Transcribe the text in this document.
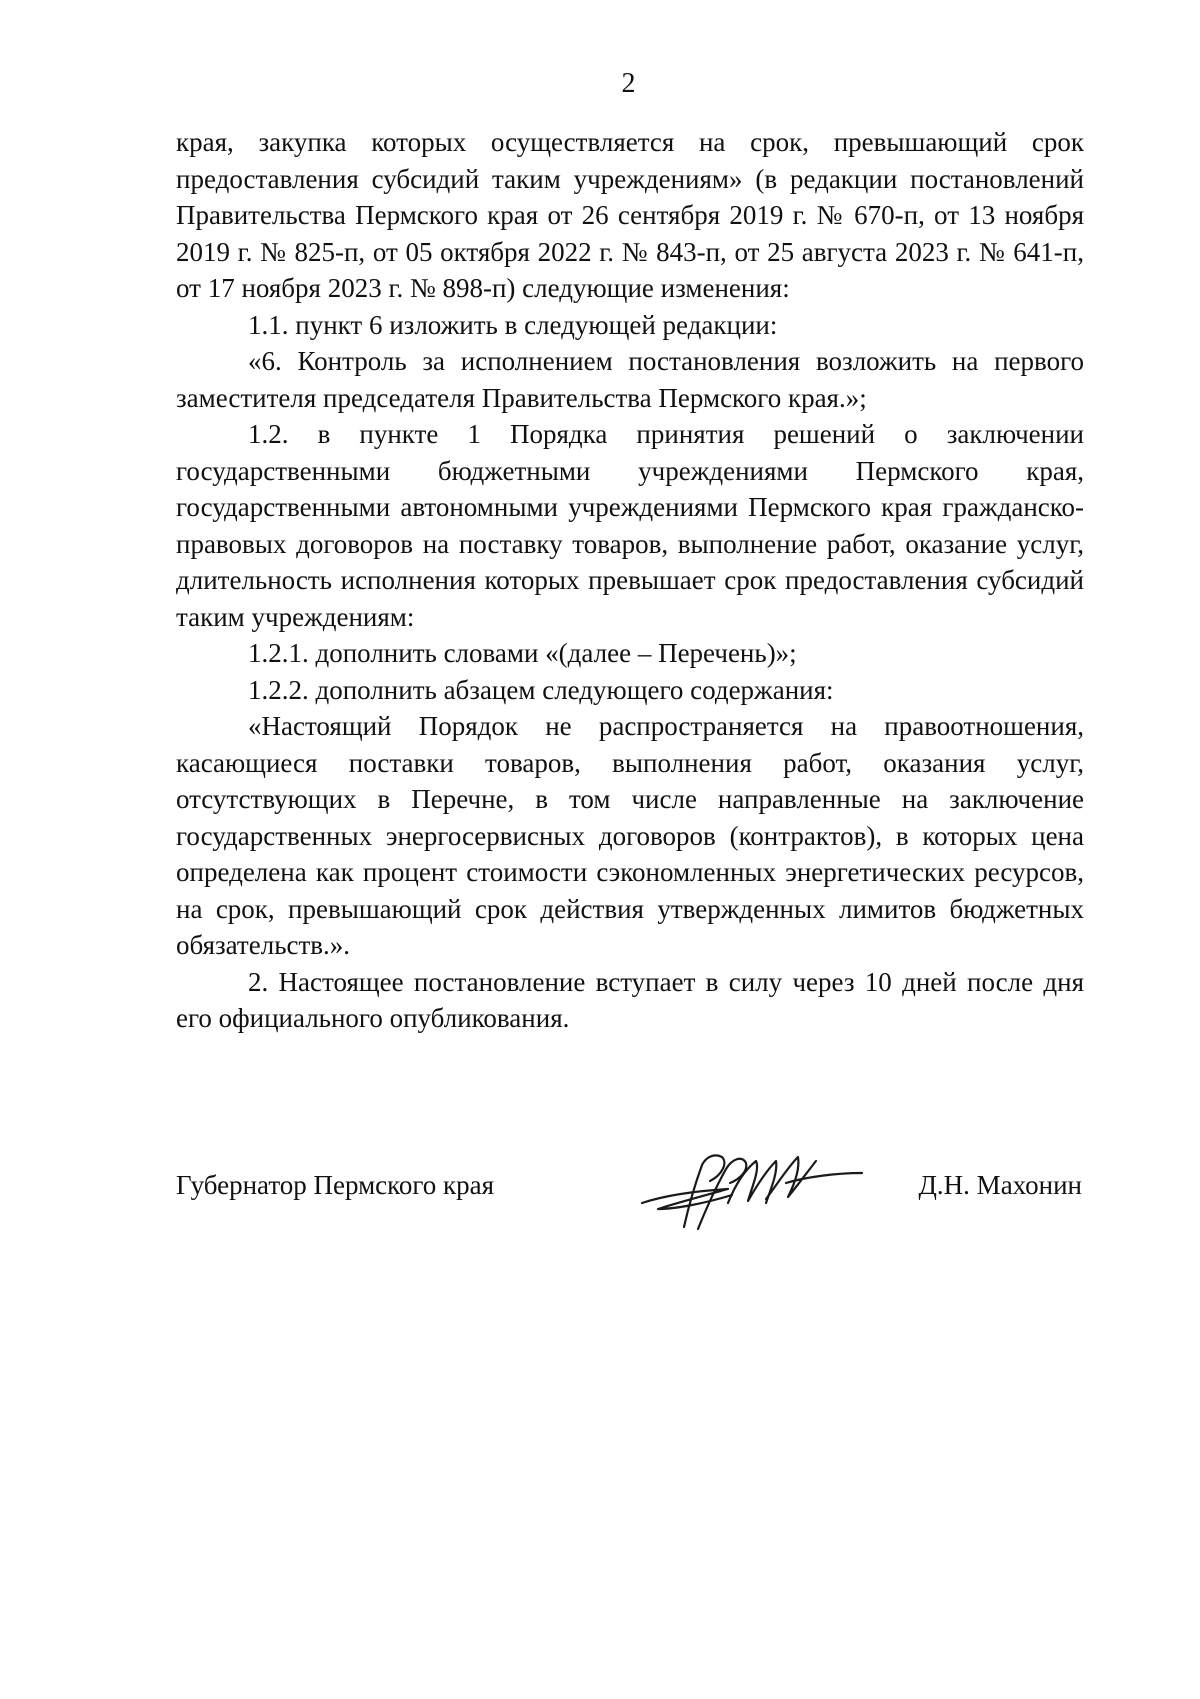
2

края, закупка которых осуществляется на срок, превышающий срок предоставления субсидий таким учреждениям» (в редакции постановлений Правительства Пермского края от 26 сентября 2019 г. № 670-п, от 13 ноября 2019 г. № 825-п, от 05 октября 2022 г. № 843-п, от 25 августа 2023 г. № 641-п, от 17 ноября 2023 г. № 898-п) следующие изменения:

1.1. пункт 6 изложить в следующей редакции:

«6. Контроль за исполнением постановления возложить на первого заместителя председателя Правительства Пермского края.»;

1.2. в пункте 1 Порядка принятия решений о заключении государственными бюджетными учреждениями Пермского края, государственными автономными учреждениями Пермского края гражданско-правовых договоров на поставку товаров, выполнение работ, оказание услуг, длительность исполнения которых превышает срок предоставления субсидий таким учреждениям:

1.2.1. дополнить словами «(далее – Перечень)»;

1.2.2. дополнить абзацем следующего содержания:

«Настоящий Порядок не распространяется на правоотношения, касающиеся поставки товаров, выполнения работ, оказания услуг, отсутствующих в Перечне, в том числе направленные на заключение государственных энергосервисных договоров (контрактов), в которых цена определена как процент стоимости сэкономленных энергетических ресурсов, на срок, превышающий срок действия утвержденных лимитов бюджетных обязательств.».

2. Настоящее постановление вступает в силу через 10 дней после дня его официального опубликования.

Губернатор Пермского края	Д.Н. Махонин
